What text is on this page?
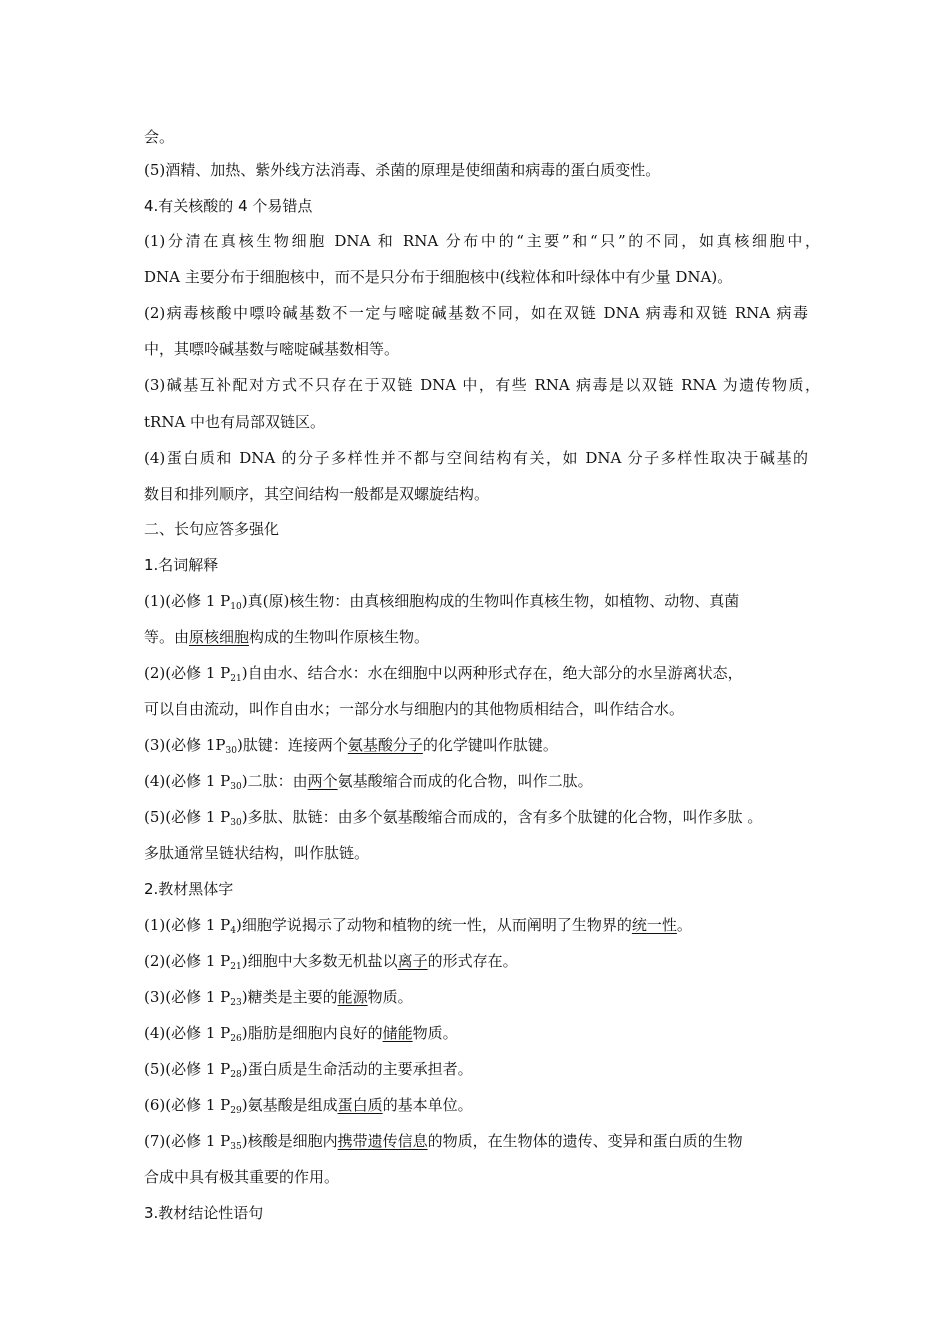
会。
(5)酒精、加热、紫外线方法消毒、杀菌的原理是使细菌和病毒的蛋白质变性。
4.有关核酸的 4 个易错点
(1)分清在真核生物细胞 DNA 和 RNA 分布中的“主要”和“只”的不同，如真核细胞中，
DNA 主要分布于细胞核中，而不是只分布于细胞核中(线粒体和叶绿体中有少量 DNA)。
(2)病毒核酸中嘌呤碱基数不一定与嘧啶碱基数不同，如在双链 DNA 病毒和双链 RNA 病毒
中，其嘌呤碱基数与嘧啶碱基数相等。
(3)碱基互补配对方式不只存在于双链 DNA 中，有些 RNA 病毒是以双链 RNA 为遗传物质，
tRNA 中也有局部双链区。
(4)蛋白质和 DNA 的分子多样性并不都与空间结构有关，如 DNA 分子多样性取决于碱基的
数目和排列顺序，其空间结构一般都是双螺旋结构。
二、长句应答多强化
1.名词解释
(1)(必修 1 $P_{10}$)真(原)核生物：由真核细胞构成的生物叫作真核生物，如植物、动物、真菌
等。由原核细胞构成的生物叫作原核生物。
(2)(必修 1 $P_{21}$)自由水、结合水：水在细胞中以两种形式存在，绝大部分的水呈游离状态，
可以自由流动，叫作自由水；一部分水与细胞内的其他物质相结合，叫作结合水。
(3)(必修 $1P_{30}$)肽键：连接两个氨基酸分子的化学键叫作肽键。
(4)(必修 1 $P_{30}$)二肽：由两个氨基酸缩合而成的化合物，叫作二肽。
(5)(必修 1 $P_{30}$)多肽、肽链：由多个氨基酸缩合而成的，含有多个肽键的化合物，叫作多肽 。
多肽通常呈链状结构，叫作肽链。
2.教材黑体字
(1)(必修 1 $P_4$)细胞学说揭示了动物和植物的统一性，从而阐明了生物界的统一性。
(2)(必修 1 $P_{21}$)细胞中大多数无机盐以离子的形式存在。
(3)(必修 1 $P_{23}$)糖类是主要的能源物质。
(4)(必修 1 $P_{26}$)脂肪是细胞内良好的储能物质。
(5)(必修 1 $P_{28}$)蛋白质是生命活动的主要承担者。
(6)(必修 1 $P_{29}$)氨基酸是组成蛋白质的基本单位。
(7)(必修 1 $P_{35}$)核酸是细胞内携带遗传信息的物质，在生物体的遗传、变异和蛋白质的生物
合成中具有极其重要的作用。
3.教材结论性语句
